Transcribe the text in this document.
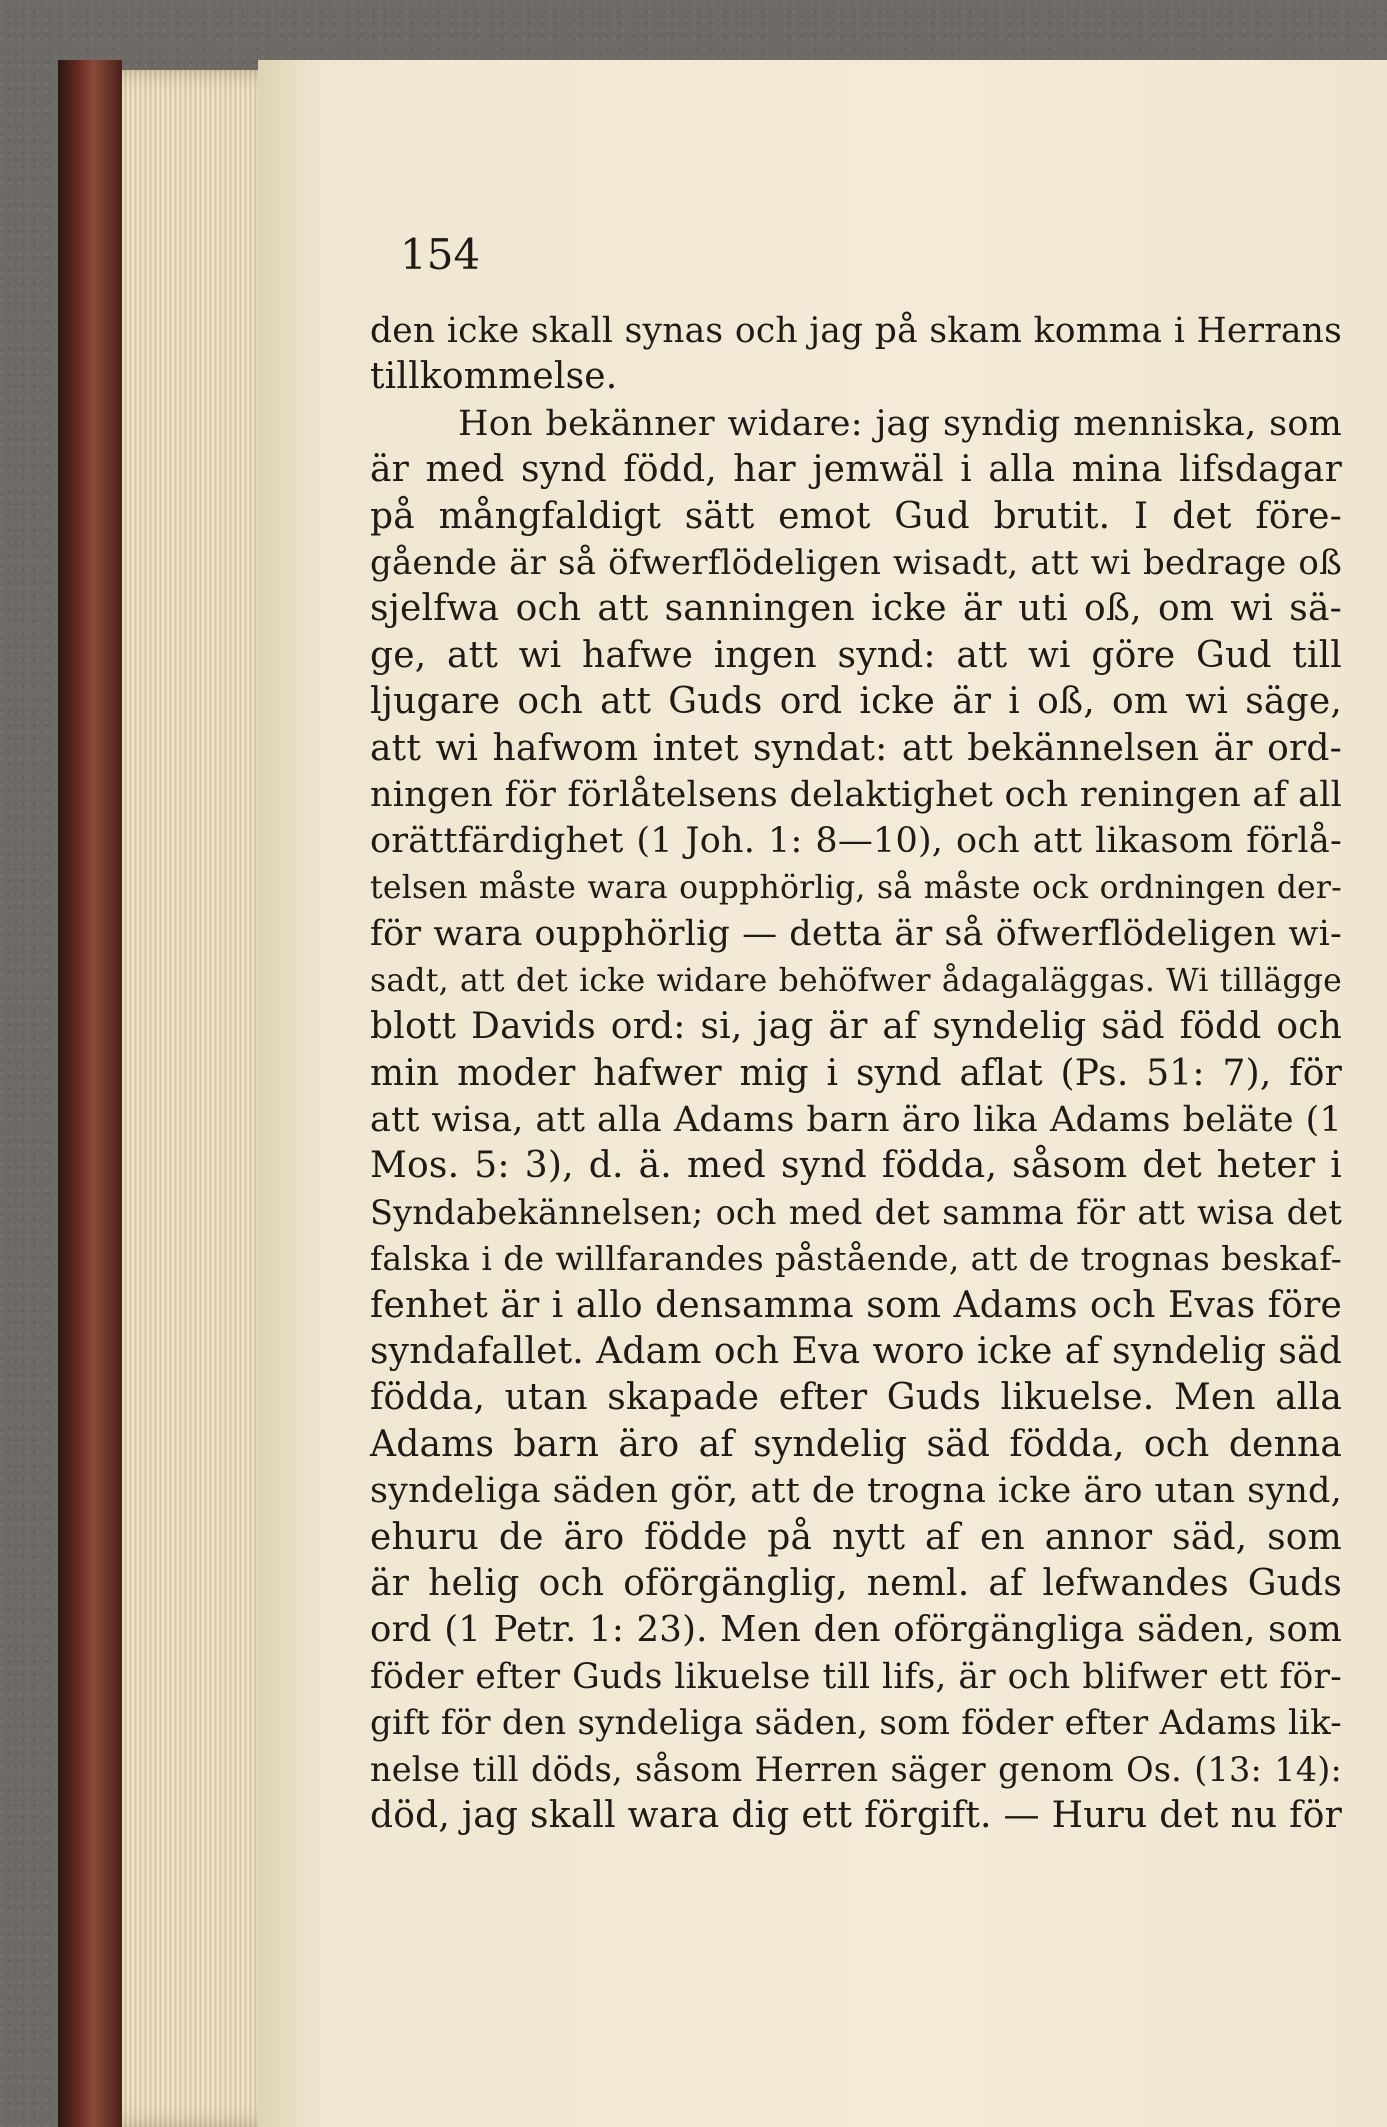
154

den icke skall synas och jag på skam komma i Herrans
tillkommelse.
Hon bekänner widare: jag syndig menniska, som
är med synd född, har jemwäl i alla mina lifsdagar
på mångfaldigt sätt emot Gud brutit. I det före-
gående är så öfwerflödeligen wisadt, att wi bedrage oß
sjelfwa och att sanningen icke är uti oß, om wi sä-
ge, att wi hafwe ingen synd: att wi göre Gud till
ljugare och att Guds ord icke är i oß, om wi säge,
att wi hafwom intet syndat: att bekännelsen är ord-
ningen för förlåtelsens delaktighet och reningen af all
orättfärdighet (1 Joh. 1: 8—10), och att likasom förlå-
telsen måste wara oupphörlig, så måste ock ordningen der-
för wara oupphörlig — detta är så öfwerflödeligen wi-
sadt, att det icke widare behöfwer ådagaläggas. Wi tillägge
blott Davids ord: si, jag är af syndelig säd född och
min moder hafwer mig i synd aflat (Ps. 51: 7), för
att wisa, att alla Adams barn äro lika Adams beläte (1
Mos. 5: 3), d. ä. med synd födda, såsom det heter i
Syndabekännelsen; och med det samma för att wisa det
falska i de willfarandes påstående, att de trognas beskaf-
fenhet är i allo densamma som Adams och Evas före
syndafallet. Adam och Eva woro icke af syndelig säd
födda, utan skapade efter Guds likuelse. Men alla
Adams barn äro af syndelig säd födda, och denna
syndeliga säden gör, att de trogna icke äro utan synd,
ehuru de äro födde på nytt af en annor säd, som
är helig och oförgänglig, neml. af lefwandes Guds
ord (1 Petr. 1: 23). Men den oförgängliga säden, som
föder efter Guds likuelse till lifs, är och blifwer ett för-
gift för den syndeliga säden, som föder efter Adams lik-
nelse till döds, såsom Herren säger genom Os. (13: 14):
död, jag skall wara dig ett förgift. — Huru det nu för
